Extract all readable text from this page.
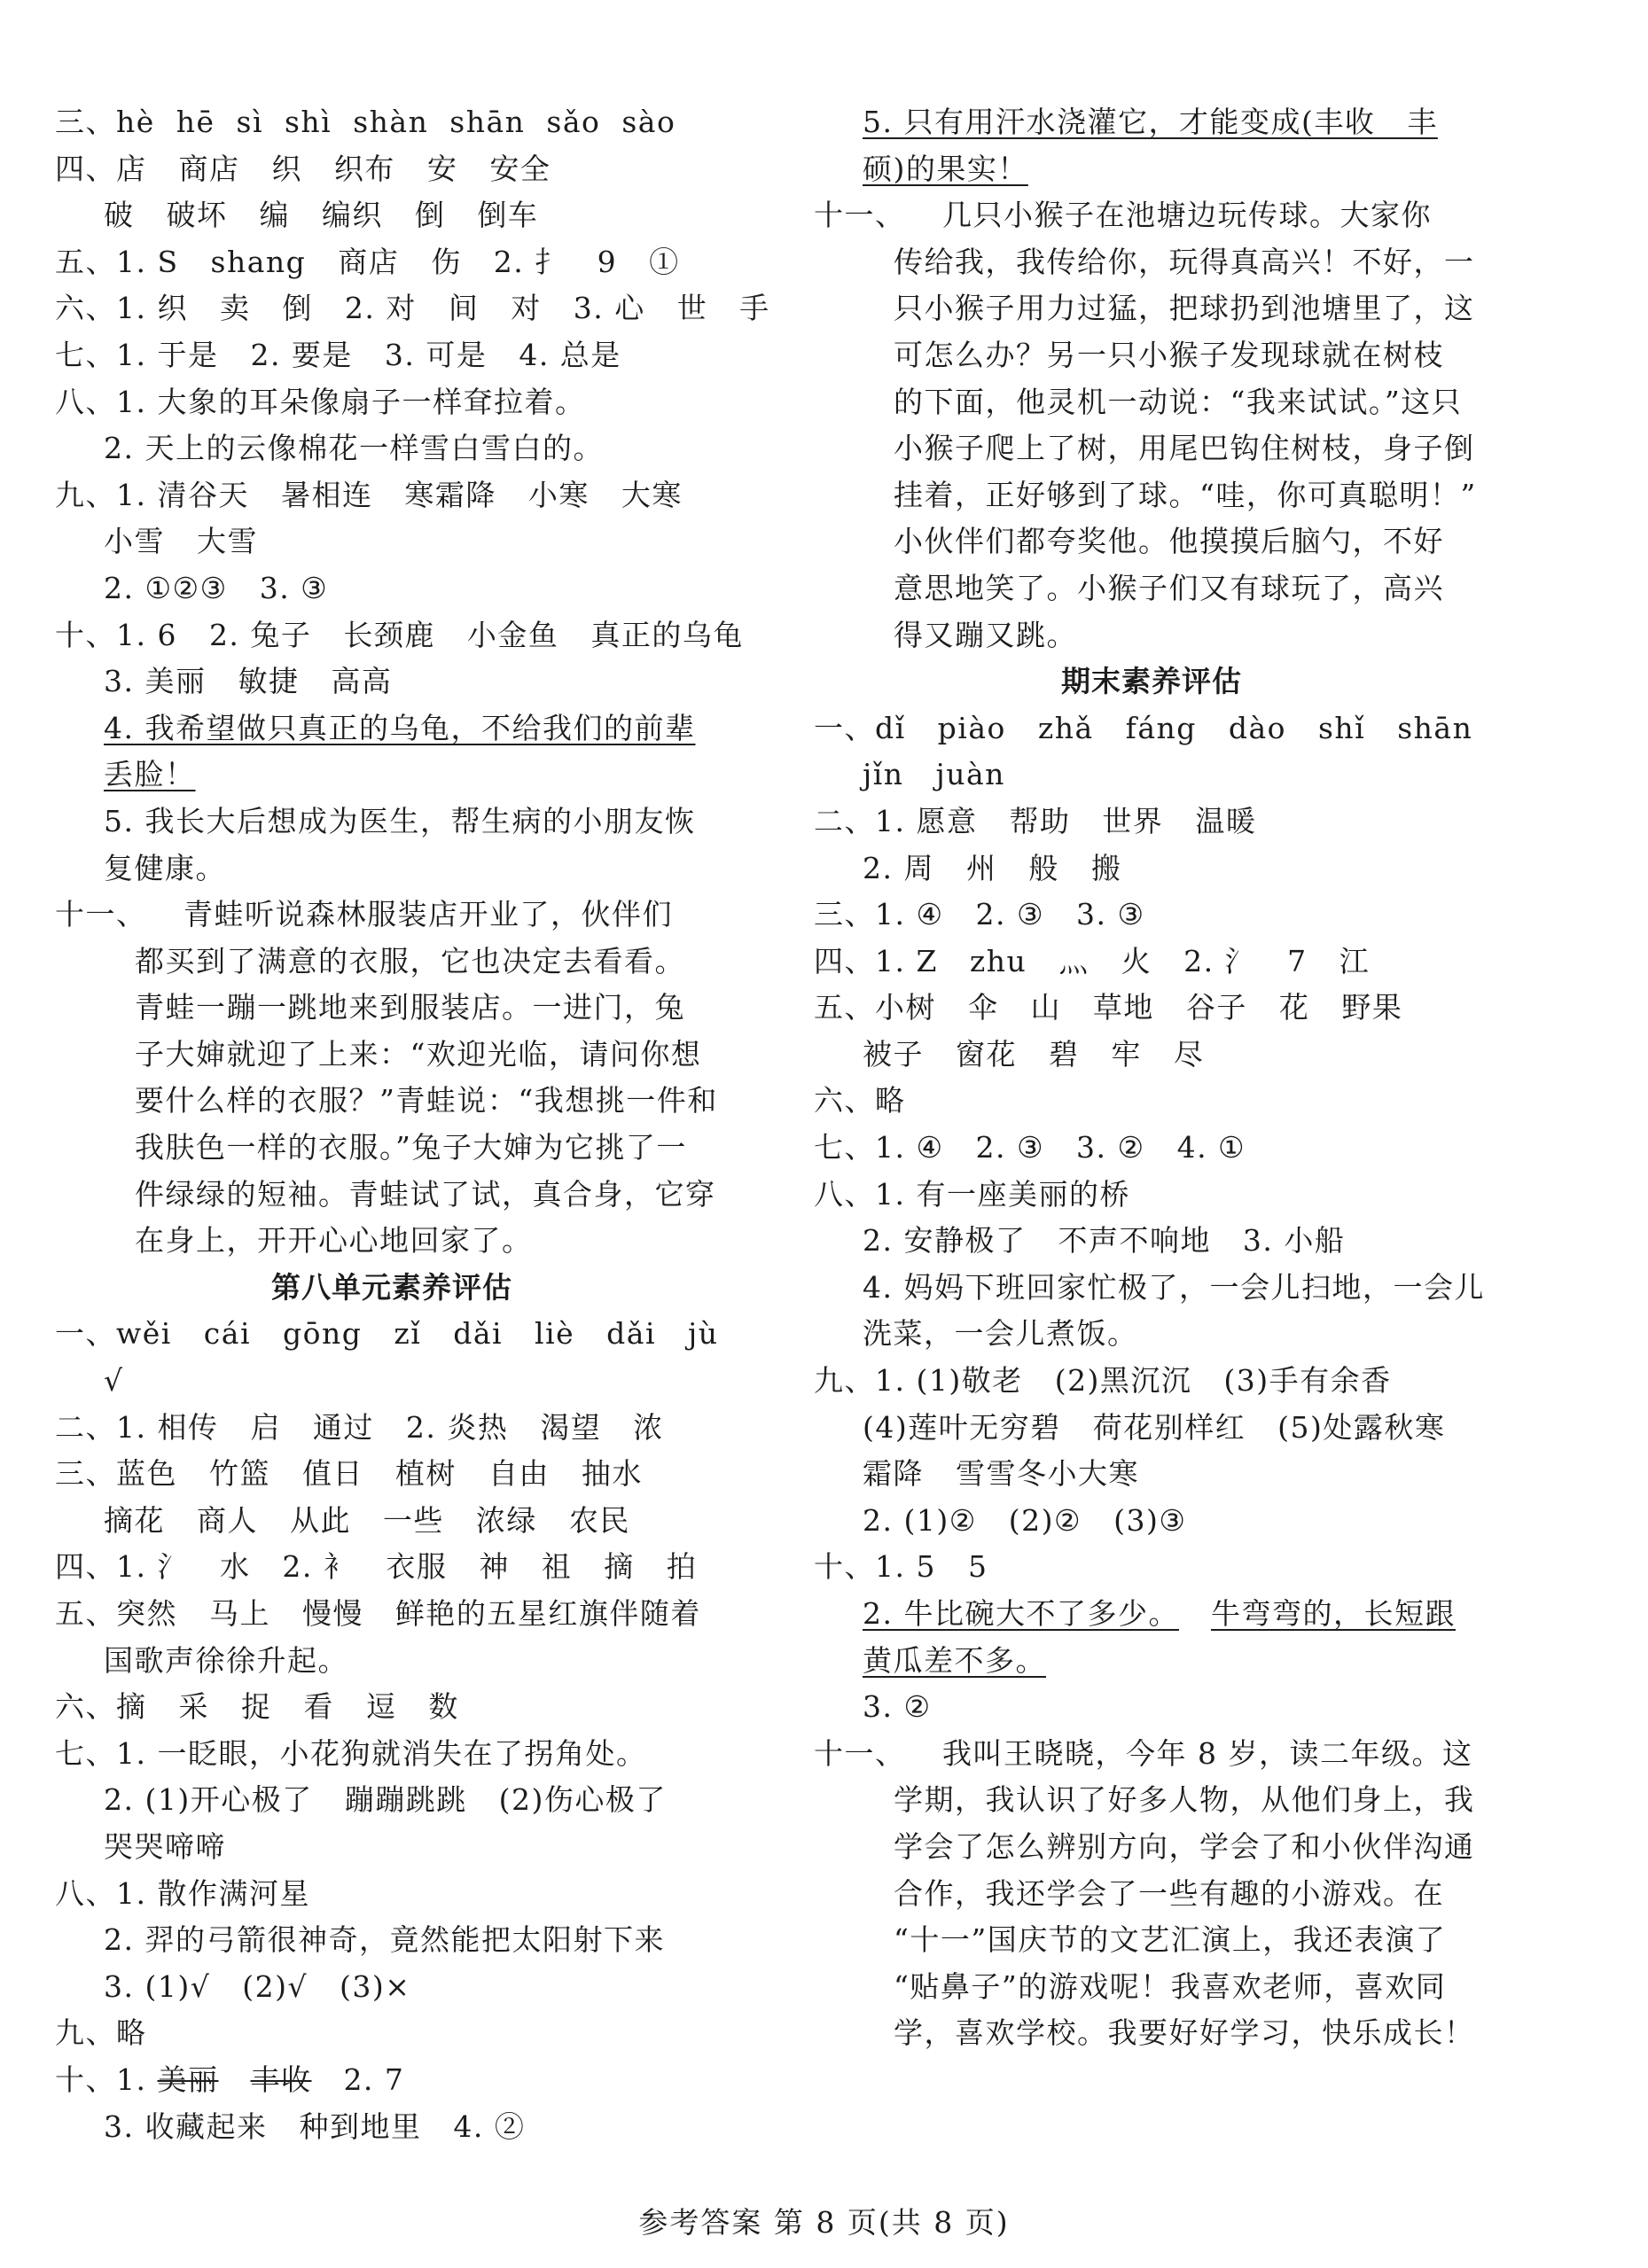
三、hè  hē  sì  shì  shàn  shān  sǎo  sào
四、店   商店   织   织布   安   安全
破   破坏   编   编织   倒   倒车
五、1. S   shang   商店   伤   2. 扌   9   ①
六、1. 织   卖   倒   2. 对   间   对   3. 心   世   手
七、1. 于是   2. 要是   3. 可是   4. 总是
八、1. 大象的耳朵像扇子一样耷拉着。
2. 天上的云像棉花一样雪白雪白的。
九、1. 清谷天   暑相连   寒霜降   小寒   大寒
小雪   大雪
2. ①②③   3. ③
十、1. 6   2. 兔子   长颈鹿   小金鱼   真正的乌龟
3. 美丽   敏捷   高高
4. 我希望做只真正的乌龟，不给我们的前辈
丢脸！
5. 我长大后想成为医生，帮生病的小朋友恢
复健康。
十一、 青蛙听说森林服装店开业了，伙伴们
都买到了满意的衣服，它也决定去看看。
青蛙一蹦一跳地来到服装店。一进门，兔
子大婶就迎了上来：“欢迎光临，请问你想
要什么样的衣服？”青蛙说：“我想挑一件和
我肤色一样的衣服。”兔子大婶为它挑了一
件绿绿的短袖。青蛙试了试，真合身，它穿
在身上，开开心心地回家了。
第八单元素养评估
一、wěi   cái   gōng   zǐ   dǎi   liè   dǎi   jù
√
二、1. 相传   启   通过   2. 炎热   渴望   浓
三、蓝色   竹篮   值日   植树   自由   抽水
摘花   商人   从此   一些   浓绿   农民
四、1. 氵   水   2. 衤   衣服   神   祖   摘   拍
五、突然   马上   慢慢   鲜艳的五星红旗伴随着
国歌声徐徐升起。
六、摘   采   捉   看   逗   数
七、1. 一眨眼，小花狗就消失在了拐角处。
2. (1)开心极了   蹦蹦跳跳   (2)伤心极了
哭哭啼啼
八、1. 散作满河星
2. 羿的弓箭很神奇，竟然能把太阳射下来
3. (1)√   (2)√   (3)×
九、略
十、1. 美丽 丰收   2. 7
3. 收藏起来   种到地里   4. ②
5. 只有用汗水浇灌它，才能变成(丰收   丰
硕)的果实！
十一、 几只小猴子在池塘边玩传球。大家你
传给我，我传给你，玩得真高兴！不好，一
只小猴子用力过猛，把球扔到池塘里了，这
可怎么办？另一只小猴子发现球就在树枝
的下面，他灵机一动说：“我来试试。”这只
小猴子爬上了树，用尾巴钩住树枝，身子倒
挂着，正好够到了球。“哇，你可真聪明！”
小伙伴们都夸奖他。他摸摸后脑勺，不好
意思地笑了。小猴子们又有球玩了，高兴
得又蹦又跳。
期末素养评估
一、dǐ   piào   zhǎ   fáng   dào   shǐ   shān
jǐn   juàn
二、1. 愿意   帮助   世界   温暖
2. 周   州   般   搬
三、1. ④   2. ③   3. ③
四、1. Z   zhu   灬   火   2. 氵   7   江
五、小树   伞   山   草地   谷子   花   野果
被子   窗花   碧   牢   尽
六、略
七、1. ④   2. ③   3. ②   4. ①
八、1. 有一座美丽的桥
2. 安静极了   不声不响地   3. 小船
4. 妈妈下班回家忙极了，一会儿扫地，一会儿
洗菜，一会儿煮饭。
九、1. (1)敬老   (2)黑沉沉   (3)手有余香
(4)莲叶无穷碧   荷花别样红   (5)处露秋寒
霜降   雪雪冬小大寒
2. (1)②   (2)②   (3)③
十、1. 5   5
2. 牛比碗大不了多少。 牛弯弯的，长短跟
黄瓜差不多。
3. ②
十一、 我叫王晓晓，今年 8 岁，读二年级。这
学期，我认识了好多人物，从他们身上，我
学会了怎么辨别方向，学会了和小伙伴沟通
合作，我还学会了一些有趣的小游戏。在
“十一”国庆节的文艺汇演上，我还表演了
“贴鼻子”的游戏呢！我喜欢老师，喜欢同
学，喜欢学校。我要好好学习，快乐成长！
参考答案 第 8 页(共 8 页)
